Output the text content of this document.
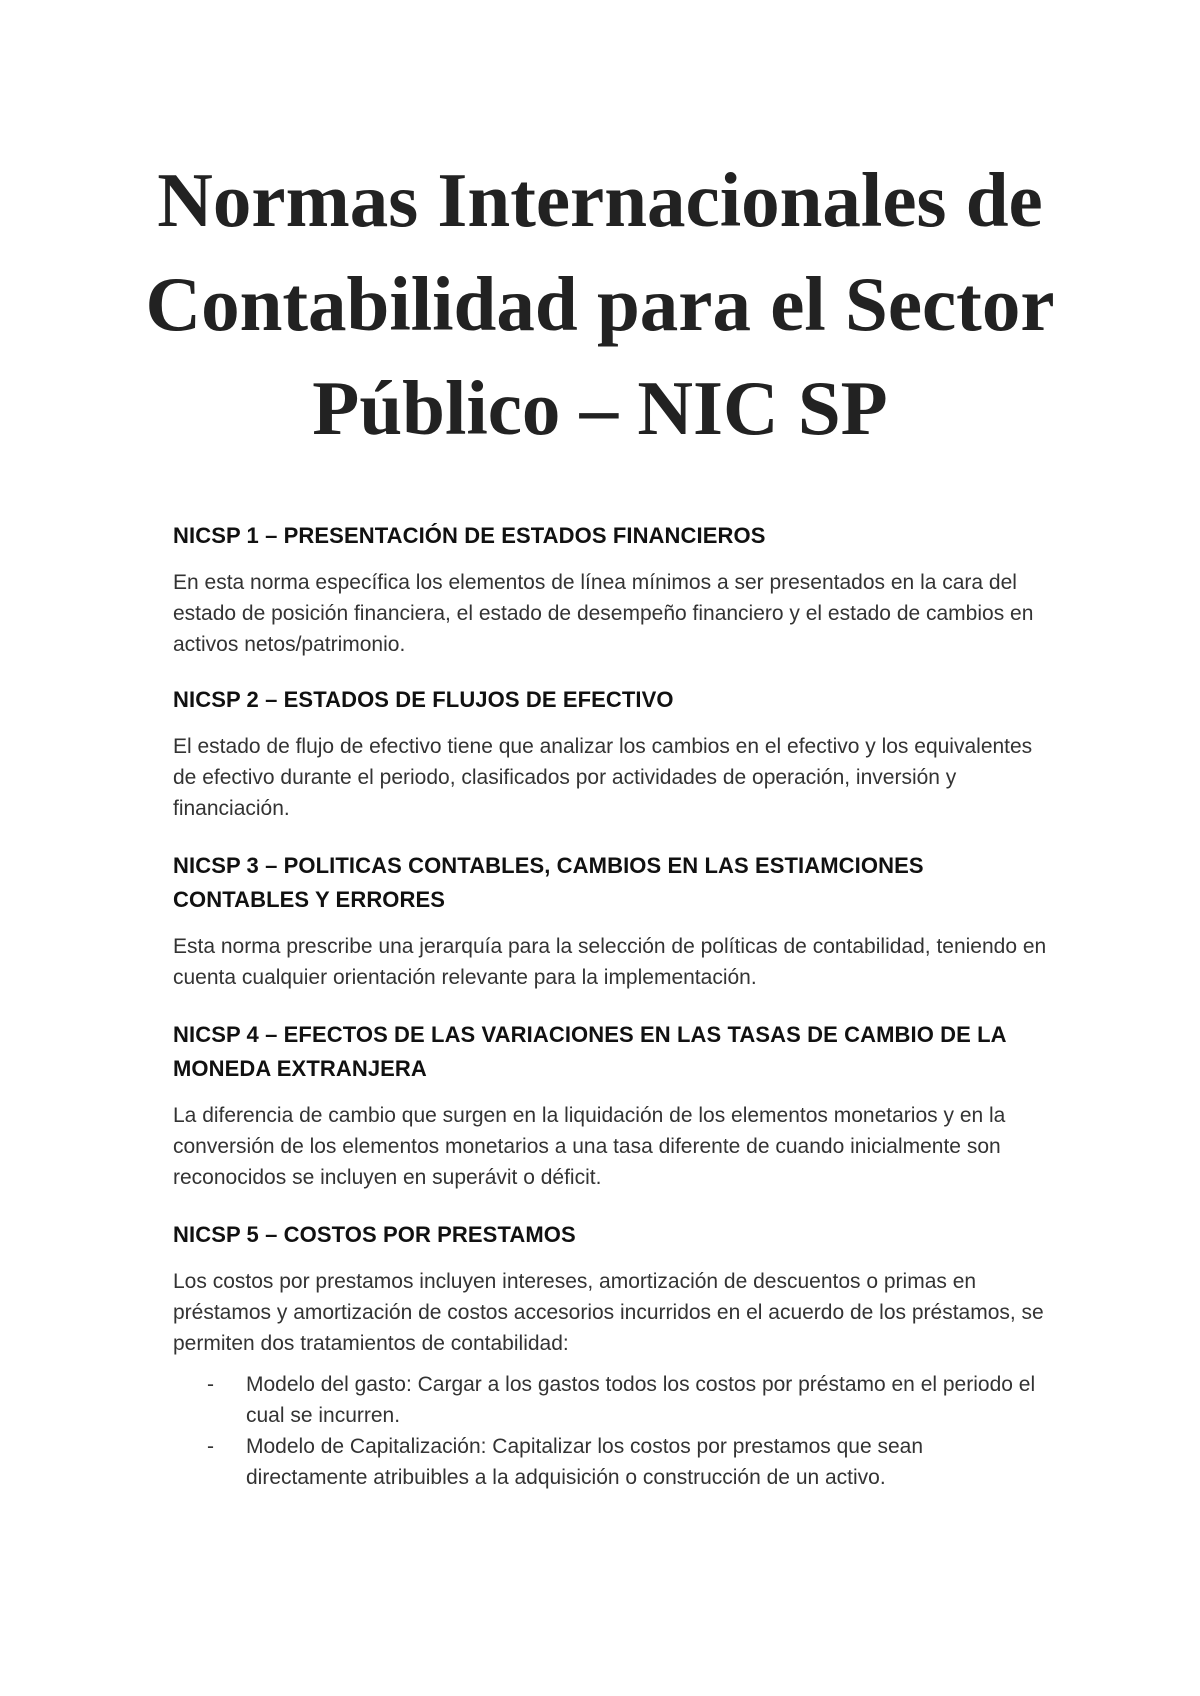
Normas Internacionales de Contabilidad para el Sector Público – NIC SP
NICSP 1 – PRESENTACIÓN DE ESTADOS FINANCIEROS

En esta norma específica los elementos de línea mínimos a ser presentados en la cara del estado de posición financiera, el estado de desempeño financiero y el estado de cambios en activos netos/patrimonio.

NICSP 2 – ESTADOS DE FLUJOS DE EFECTIVO

El estado de flujo de efectivo tiene que analizar los cambios en el efectivo y los equivalentes de efectivo durante el periodo, clasificados por actividades de operación, inversión y financiación.

NICSP 3 – POLITICAS CONTABLES, CAMBIOS EN LAS ESTIAMCIONES CONTABLES Y ERRORES

Esta norma prescribe una jerarquía para la selección de políticas de contabilidad, teniendo en cuenta cualquier orientación relevante para la implementación.

NICSP 4 – EFECTOS DE LAS VARIACIONES EN LAS TASAS DE CAMBIO DE LA MONEDA EXTRANJERA

La diferencia de cambio que surgen en la liquidación de los elementos monetarios y en la conversión de los elementos monetarios a una tasa diferente de cuando inicialmente son reconocidos se incluyen en superávit o déficit.

NICSP 5 – COSTOS POR PRESTAMOS

Los costos por prestamos incluyen intereses, amortización de descuentos o primas en préstamos y amortización de costos accesorios incurridos en el acuerdo de los préstamos, se permiten dos tratamientos de contabilidad:

- Modelo del gasto: Cargar a los gastos todos los costos por préstamo en el periodo el cual se incurren.
- Modelo de Capitalización: Capitalizar los costos por prestamos que sean directamente atribuibles a la adquisición o construcción de un activo.
